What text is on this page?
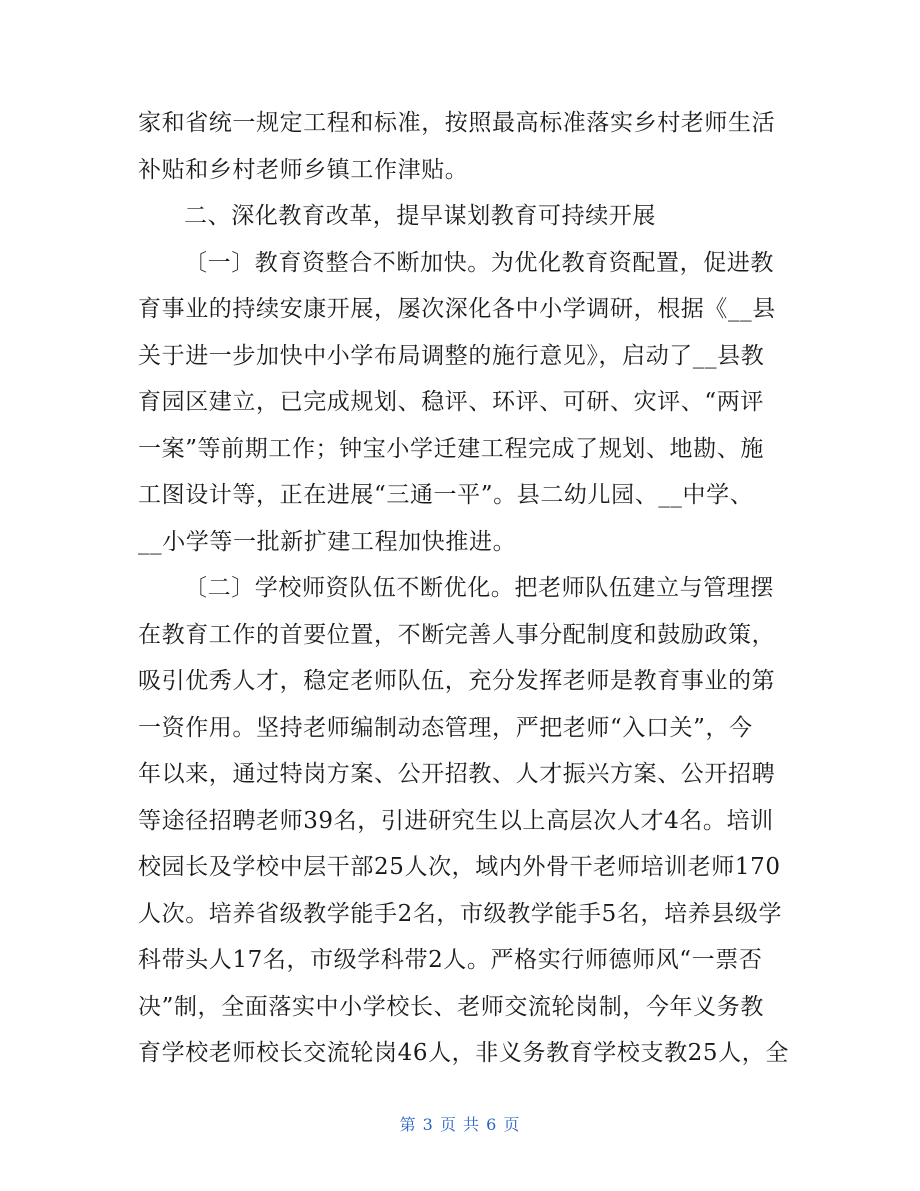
家和省统一规定工程和标准，按照最高标准落实乡村老师生活
补贴和乡村老师乡镇工作津贴。
二、深化教育改革，提早谋划教育可持续开展
〔一〕教育资整合不断加快。为优化教育资配置，促进教
育事业的持续安康开展，屡次深化各中小学调研，根据《__县
关于进一步加快中小学布局调整的施行意见》，启动了__县教
育园区建立，已完成规划、稳评、环评、可研、灾评、“两评
一案”等前期工作；钟宝小学迁建工程完成了规划、地勘、施
工图设计等，正在进展“三通一平”。县二幼儿园、__中学、
__小学等一批新扩建工程加快推进。
〔二〕学校师资队伍不断优化。把老师队伍建立与管理摆
在教育工作的首要位置，不断完善人事分配制度和鼓励政策，
吸引优秀人才，稳定老师队伍，充分发挥老师是教育事业的第
一资作用。坚持老师编制动态管理，严把老师“入口关”，今
年以来，通过特岗方案、公开招教、人才振兴方案、公开招聘
等途径招聘老师39名，引进研究生以上高层次人才4名。培训
校园长及学校中层干部25人次，域内外骨干老师培训老师170
人次。培养省级教学能手2名，市级教学能手5名，培养县级学
科带头人17名，市级学科带2人。严格实行师德师风“一票否
决”制，全面落实中小学校长、老师交流轮岗制，今年义务教
育学校老师校长交流轮岗46人，非义务教育学校支教25人，全
第 3 页 共 6 页
